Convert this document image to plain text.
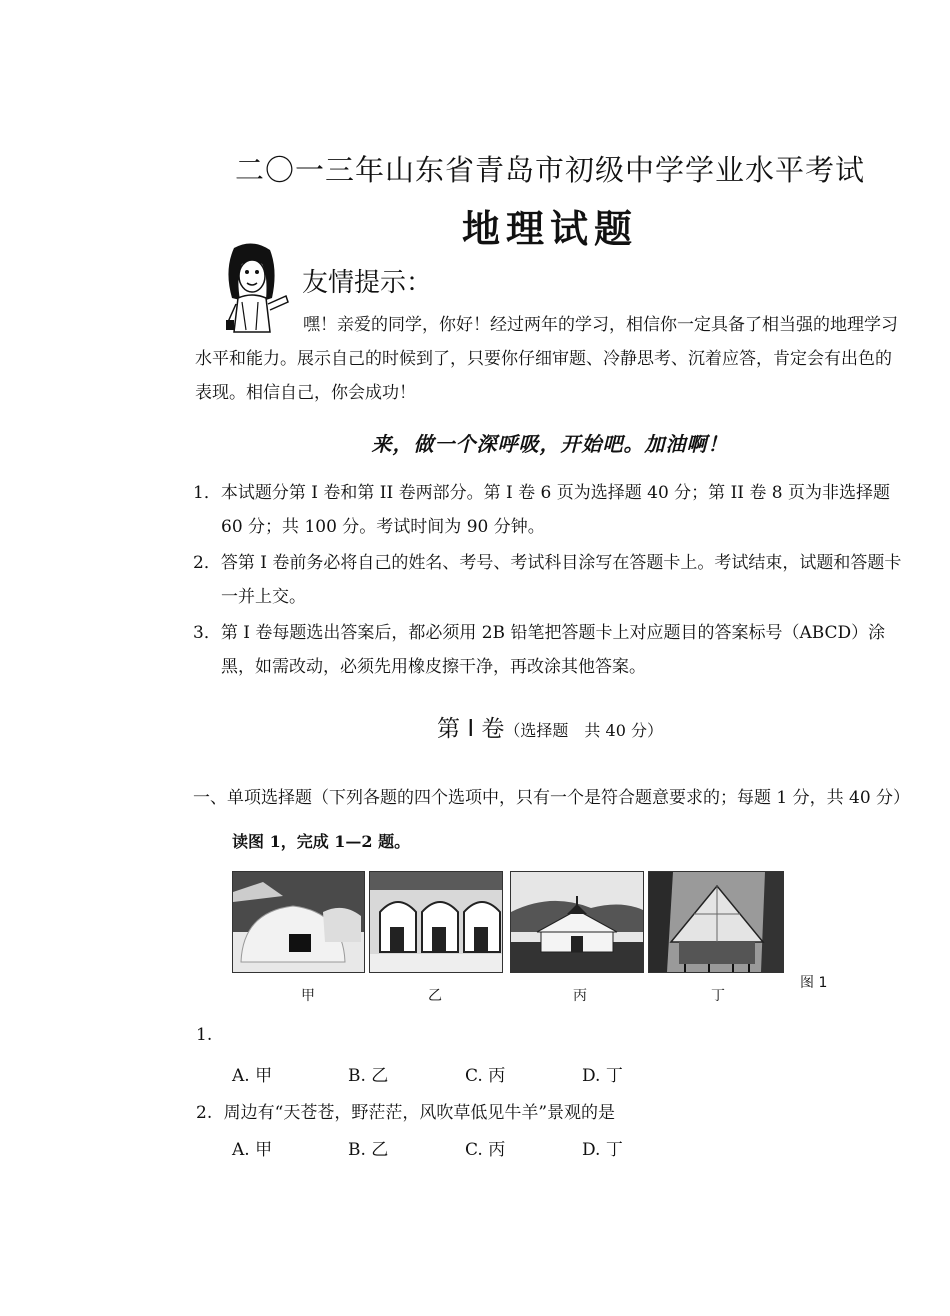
二〇一三年山东省青岛市初级中学学业水平考试
地理试题
友情提示：
嘿！亲爱的同学，你好！经过两年的学习，相信你一定具备了相当强的地理学习水平和能力。展示自己的时候到了，只要你仔细审题、冷静思考、沉着应答，肯定会有出色的表现。相信自己，你会成功！
来，做一个深呼吸，开始吧。加油啊！
1．本试题分第 I 卷和第 II 卷两部分。第 I 卷 6 页为选择题 40 分；第 II 卷 8 页为非选择题 60 分；共 100 分。考试时间为 90 分钟。
2．答第 I 卷前务必将自己的姓名、考号、考试科目涂写在答题卡上。考试结束，试题和答题卡一并上交。
3．第 I 卷每题选出答案后，都必须用 2B 铅笔把答题卡上对应题目的答案标号（ABCD）涂黑，如需改动，必须先用橡皮擦干净，再改涂其他答案。
第 Ⅰ 卷（选择题　共 40 分）
一、单项选择题（下列各题的四个选项中，只有一个是符合题意要求的；每题 1 分，共 40 分）
读图 1，完成 1—2 题。
甲	乙	丙	丁
图 1
1.
A. 甲	B. 乙	C. 丙	D. 丁
2. 周边有“天苍苍，野茫茫，风吹草低见牛羊”景观的是
A. 甲	B. 乙	C. 丙	D. 丁
